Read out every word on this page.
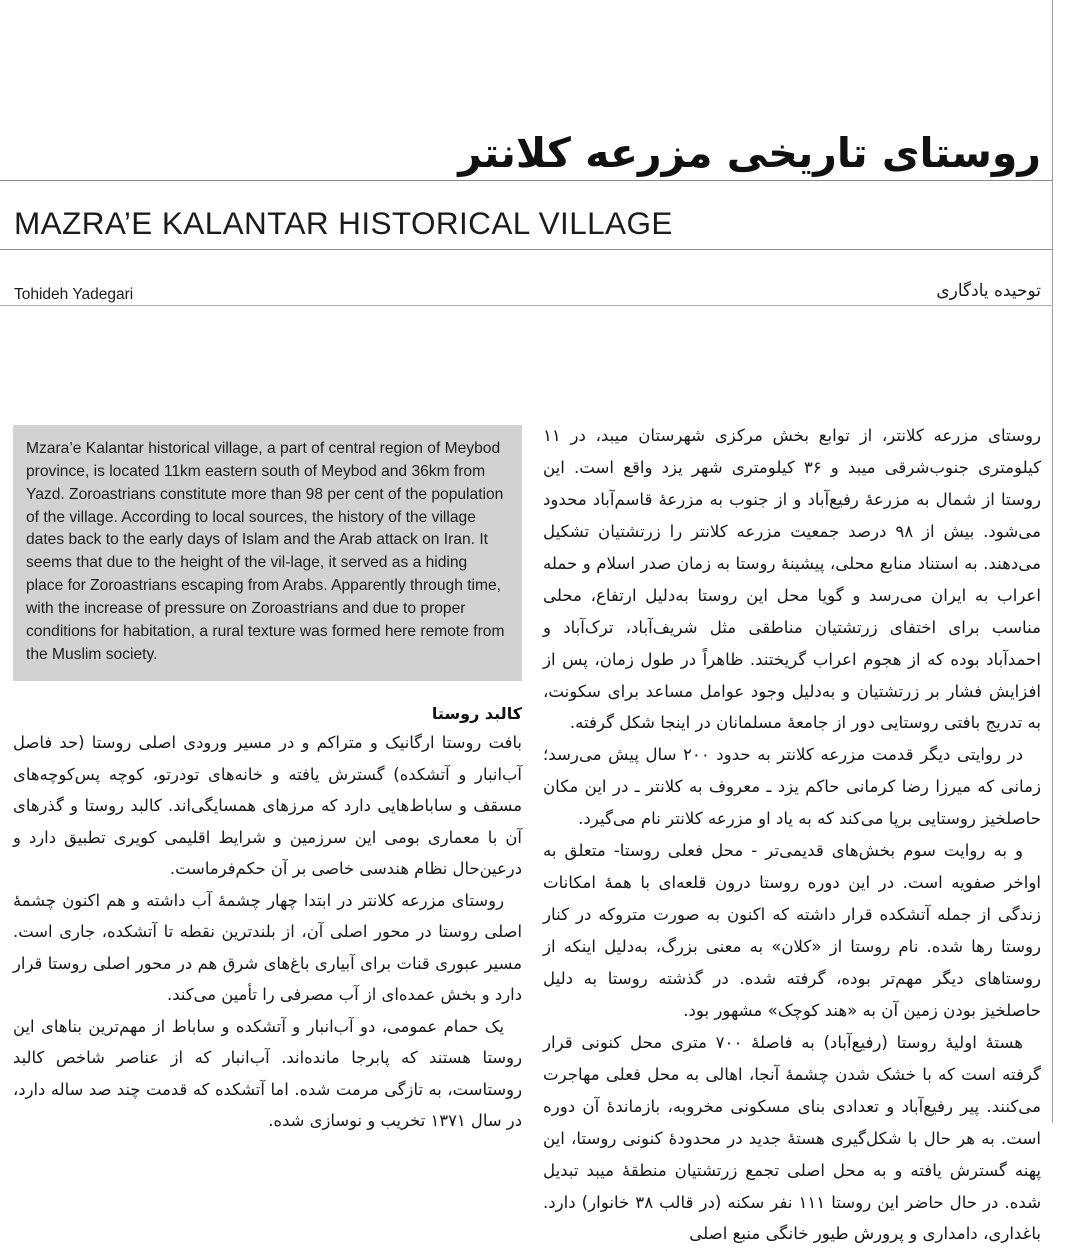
روستای تاریخی مزرعه کلانتر
MAZRA’E KALANTAR HISTORICAL VILLAGE
Tohideh Yadegari	توحیده یادگاری

Mzara’e Kalantar historical village, a part of central region of Meybod province, is located 11km eastern south of Meybod and 36km from Yazd. Zoroastrians constitute more than 98 per cent of the population of the village. According to local sources, the history of the village dates back to the early days of Islam and the Arab attack on Iran. It seems that due to the height of the vil-lage, it served as a hiding place for Zoroastrians escaping from Arabs. Apparently through time, with the increase of pressure on Zoroastrians and due to proper conditions for habitation, a rural texture was formed here remote from the Muslim society.

کالبد روستا

بافت روستا ارگانیک و متراکم و در مسیر ورودی اصلی روستا (حد فاصل آب‌انبار و آتشکده) گسترش یافته و خانه‌های تودرتو، کوچه پس‌کوچه‌های مسقف و ساباط‌هایی دارد که مرزهای همسایگی‌اند. کالبد روستا و گذرهای آن با معماری بومی این سرزمین و شرایط اقلیمی کویری تطبیق دارد و درعین‌حال نظام هندسی خاصی بر آن حکم‌فرماست.

روستای مزرعه کلانتر در ابتدا چهار چشمۀ آب داشته و هم اکنون چشمۀ اصلی روستا در محور اصلی آن، از بلندترین نقطه تا آتشکده، جاری است. مسیر عبوری قنات برای آبیاری باغ‌های شرق هم در محور اصلی روستا قرار دارد و بخش عمده‌ای از آب مصرفی را تأمین می‌کند.

یک حمام عمومی، دو آب‌انبار و آتشکده و ساباط از مهم‌ترین بناهای این روستا هستند که پابرجا مانده‌اند. آب‌انبار که از عناصر شاخص کالبد روستاست، به تازگی مرمت شده. اما آتشکده که قدمت چند صد ساله دارد، در سال ۱۳۷۱ تخریب و نوسازی شده.

روستای مزرعه کلانتر، از توابع بخش مرکزی شهرستان میبد، در ۱۱ کیلومتری جنوب‌شرقی میبد و ۳۶ کیلومتری شهر یزد واقع است. این روستا از شمال به مزرعۀ رفیع‌آباد و از جنوب به مزرعۀ قاسم‌آباد محدود می‌شود. بیش از ۹۸ درصد جمعیت مزرعه کلانتر را زرتشتیان تشکیل می‌دهند. به استناد منابع محلی، پیشینۀ روستا به زمان صدر اسلام و حمله اعراب به ایران می‌رسد و گویا محل این روستا به‌دلیل ارتفاع، محلی مناسب برای اختفای زرتشتیان مناطقی مثل شریف‌آباد، ترک‌آباد و احمدآباد بوده که از هجوم اعراب گریختند. ظاهراً در طول زمان، پس از افزایش فشار بر زرتشتیان و به‌دلیل وجود عوامل مساعد برای سکونت، به تدریج بافتی روستایی دور از جامعۀ مسلمانان در اینجا شکل گرفته.

در روایتی دیگر قدمت مزرعه کلانتر به حدود ۲۰۰ سال پیش می‌رسد؛ زمانی که میرزا رضا کرمانی حاکم یزد ـ معروف به کلانتر ـ در این مکان حاصلخیز روستایی برپا می‌کند که به یاد او مزرعه کلانتر نام می‌گیرد.

و به روایت سوم بخش‌های قدیمی‌تر - محل فعلی روستا- متعلق به اواخر صفویه است. در این دوره روستا درون قلعه‌ای با همۀ امکانات زندگی از جمله آتشکده قرار داشته که اکنون به صورت متروکه در کنار روستا رها شده. نام روستا از «کلان» به معنی بزرگ، به‌دلیل اینکه از روستاهای دیگر مهم‌تر بوده، گرفته شده. در گذشته روستا به دلیل حاصلخیز بودن زمین آن به «هند کوچک» مشهور بود.

هستۀ اولیۀ روستا (رفیع‌آباد) به فاصلۀ ۷۰۰ متری محل کنونی قرار گرفته است که با خشک شدن چشمۀ آنجا، اهالی به محل فعلی مهاجرت می‌کنند. پیر رفیع‌آباد و تعدادی بنای مسکونی مخروبه، بازماندۀ آن دوره است. به هر حال با شکل‌گیری هستۀ جدید در محدودۀ کنونی روستا، این پهنه گسترش یافته و به محل اصلی تجمع زرتشتیان منطقۀ میبد تبدیل شده. در حال حاضر این روستا ۱۱۱ نفر سکنه (در قالب ۳۸ خانوار) دارد. باغداری، دامداری و پرورش طیور خانگی منبع اصلی
